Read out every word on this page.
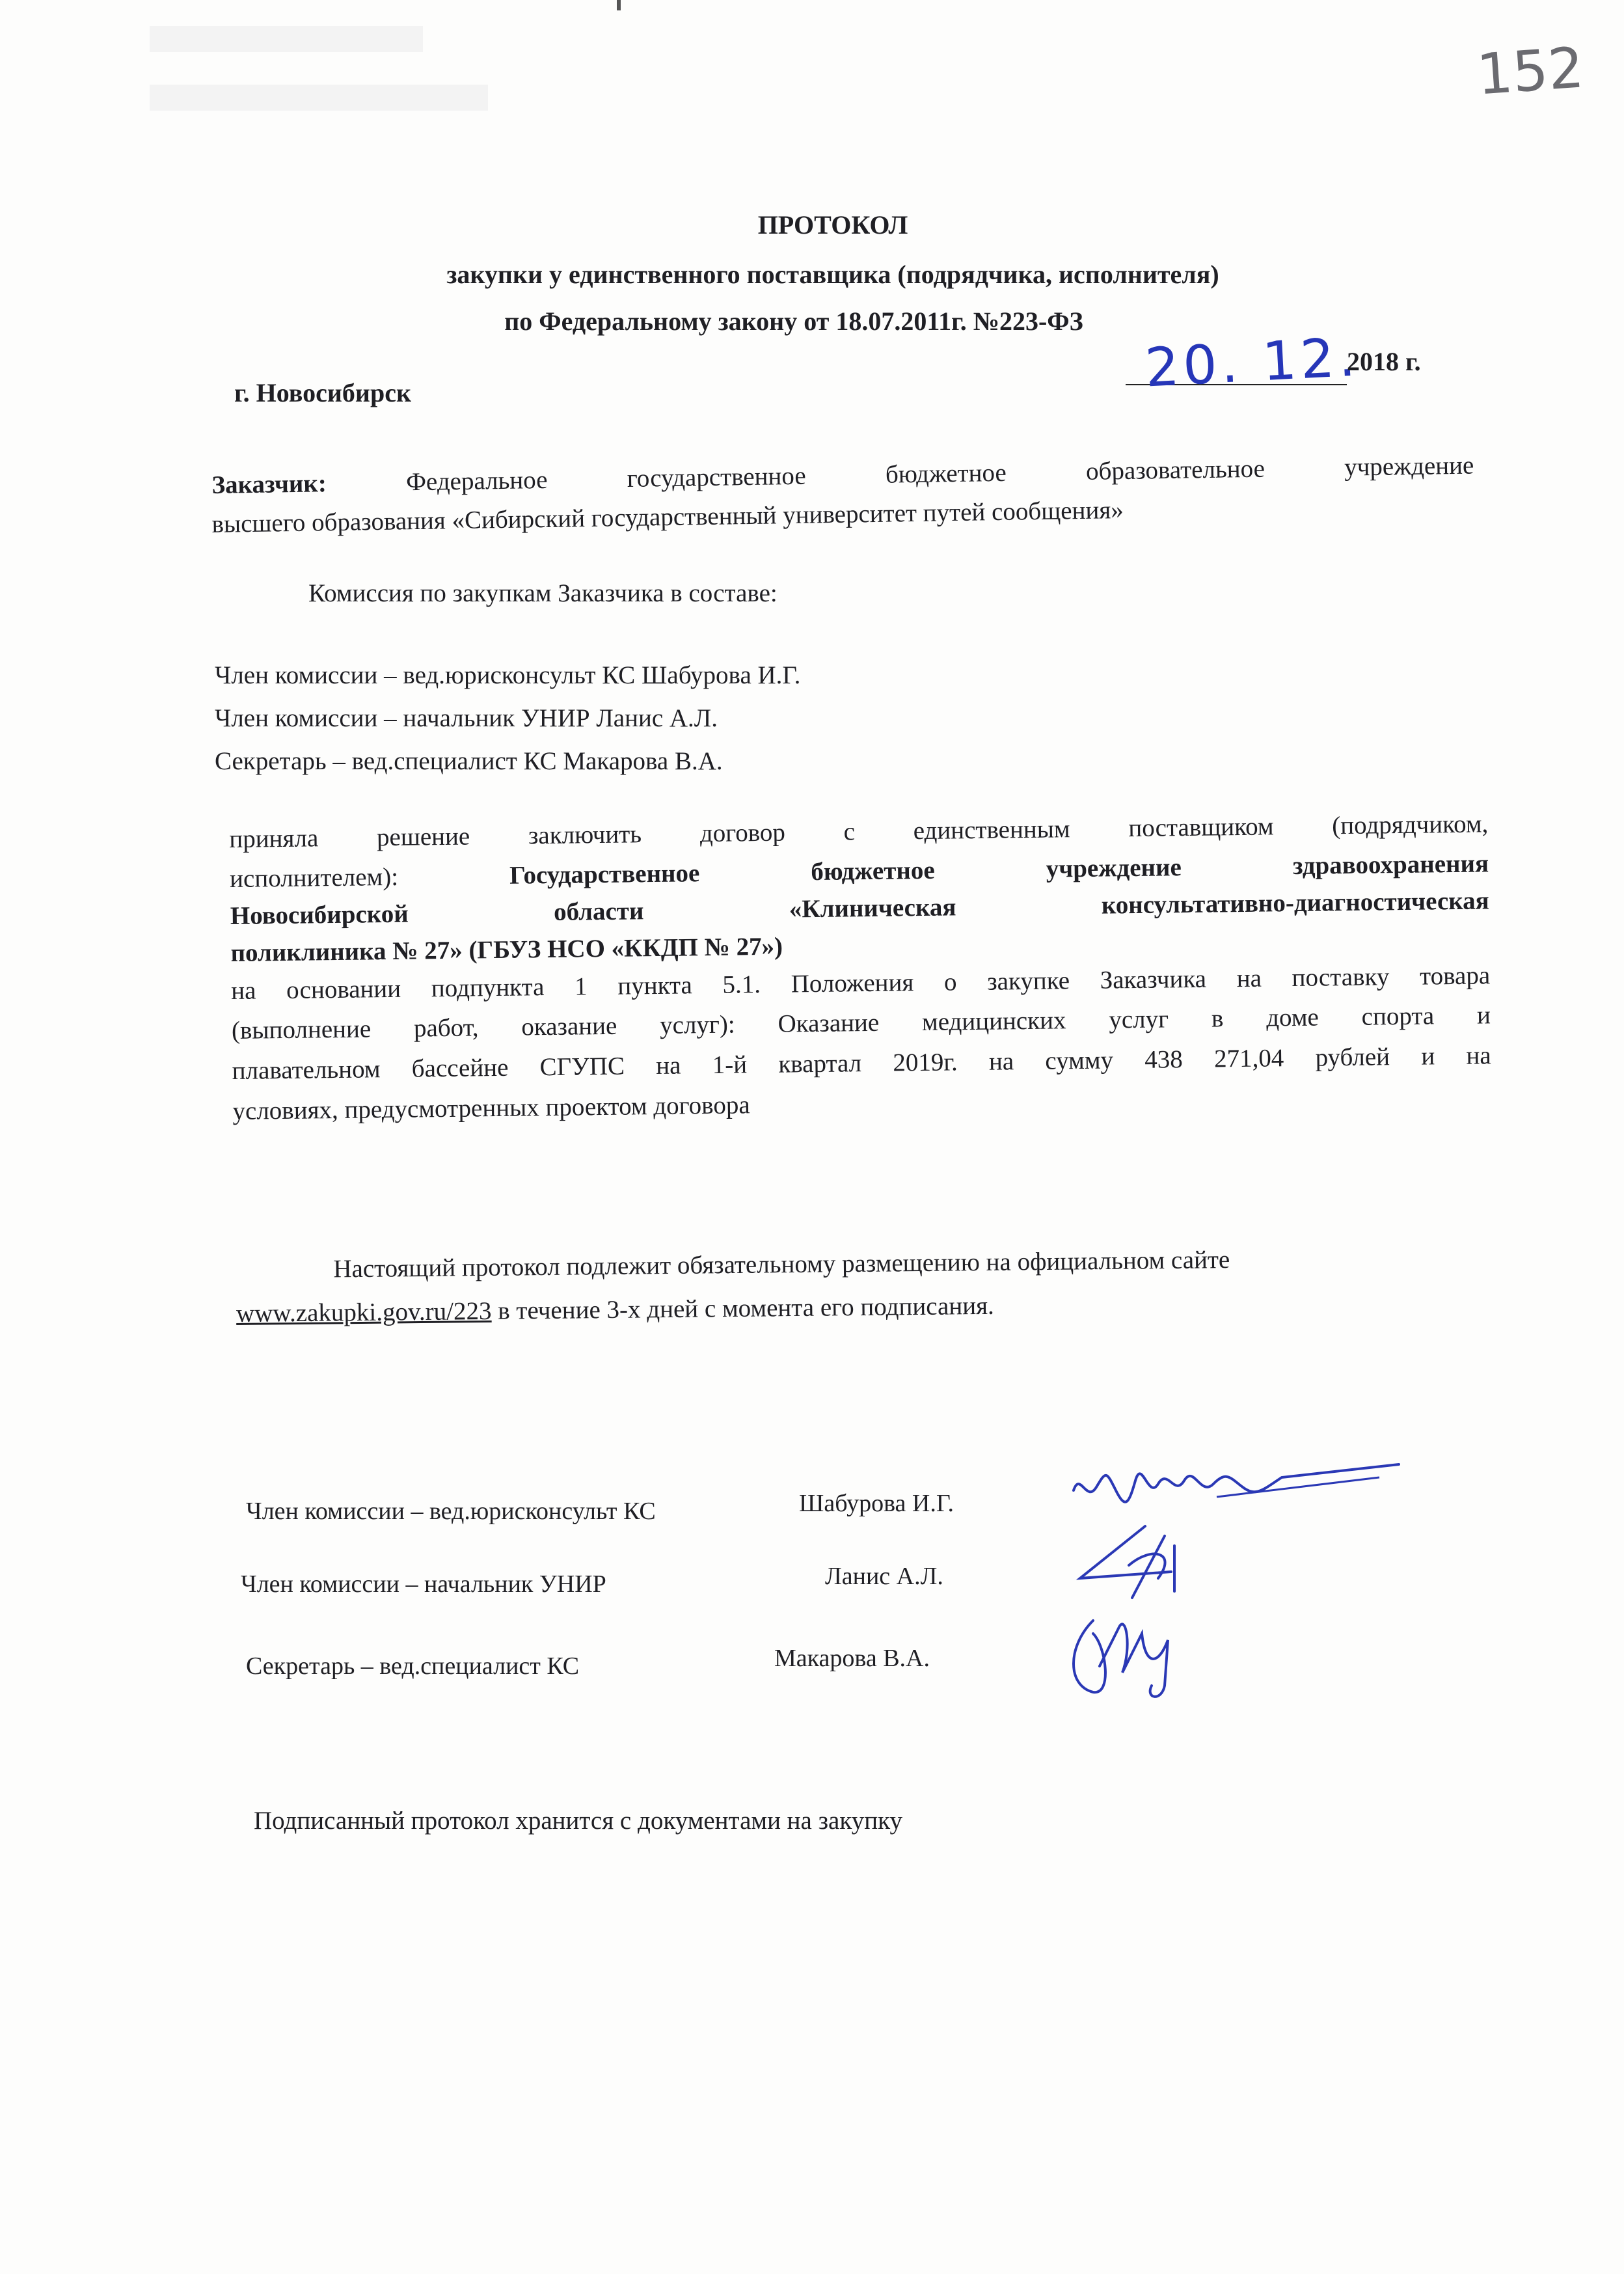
152
ПРОТОКОЛ
закупки у единственного поставщика (подрядчика, исполнителя)
по Федеральному закону от 18.07.2011г. №223-ФЗ
20. 12.
2018 г.
г. Новосибирск
Заказчик:	Федеральное государственное бюджетное образовательное учреждение
высшего образования «Сибирский государственный университет путей сообщения»
Комиссия по закупкам Заказчика в составе:
Член комиссии – вед.юрисконсульт КС Шабурова И.Г.
Член комиссии – начальник УНИР Ланис А.Л.
Секретарь – вед.специалист КС Макарова В.А.
приняла решение заключить договор с единственным поставщиком (подрядчиком,
исполнителем):	Государственное бюджетное учреждение здравоохранения
Новосибирской области «Клиническая консультативно-диагностическая
поликлиника № 27» (ГБУЗ НСО «ККДП № 27»)
на основании подпункта 1 пункта 5.1. Положения о закупке Заказчика на поставку товара
(выполнение работ, оказание услуг): Оказание медицинских услуг в доме спорта и
плавательном бассейне СГУПС на 1-й квартал 2019г. на сумму 438 271,04 рублей и на
условиях, предусмотренных проектом договора
Настоящий протокол подлежит обязательному размещению на официальном сайте
www.zakupki.gov.ru/223 в течение 3-х дней с момента его подписания.
Член комиссии – вед.юрисконсульт КС	Шабурова И.Г.
Член комиссии – начальник УНИР	Ланис А.Л.
Секретарь – вед.специалист КС	Макарова В.А.
Подписанный протокол хранится с документами на закупку
